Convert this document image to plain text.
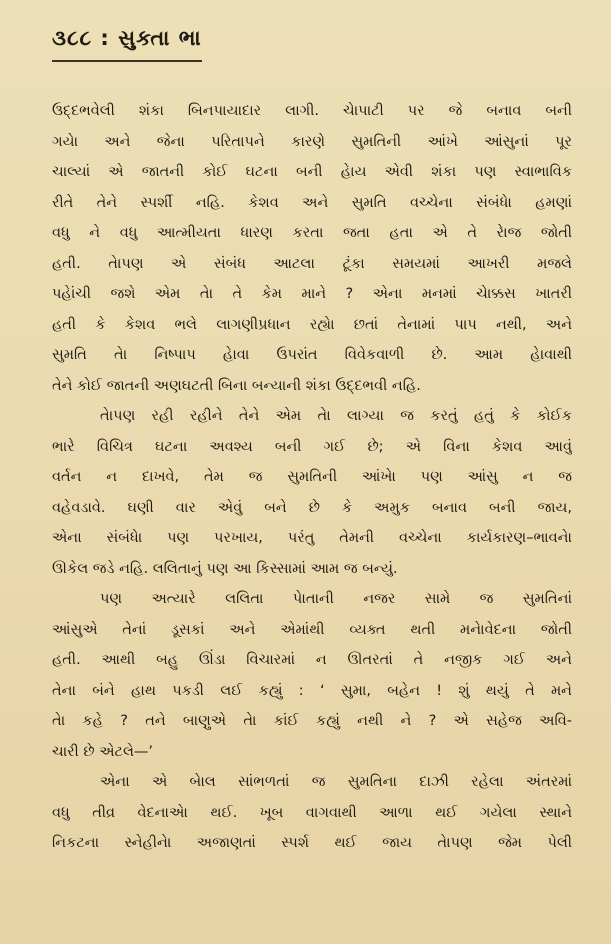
૩૮૮ : સુક્તા ભા
ઉદ્દભવેલી શંકા બિનપાયાદાર લાગી. ચેાપાટી પર જે બનાવ બની
ગયેા અને જેના પરિતાપને કારણે સુમતિની આંખે આંસુનાં પૂર
ચાલ્યાં એ જાતની કોઈ ઘટના બની હેાય એવી શંકા પણ સ્વાભાવિક
રીતે તેને સ્પર્શી નહિ. કેશવ અને સુમતિ વચ્ચેના સંબંધેા હમણાં
વધુ ને વધુ આત્મીયતા ધારણ કરતા જતા હતા એ તે રેાજ જોતી
હતી. તેાપણ એ સંબંધ આટલા ટૂંકા સમયમાં આખરી મજલે
પહેાંચી જશે એમ તેા તે કેમ માને ? એના મનમાં ચેાક્કસ ખાતરી
હતી કે કેશવ ભલે લાગણીપ્રધાન રહ્યેા છતાં તેનામાં પાપ નથી, અને
સુમતિ તેા નિષ્પાપ હેાવા ઉપરાંત વિવેકવાળી છે. આમ હેાવાથી
તેને કોઈ જાતની અણઘટતી બિના બન્યાની શંકા ઉદ્દભવી નહિ.
તેાપણ રહી રહીને તેને એમ તેા લાગ્યા જ કરતું હતું કે કોઈક
ભારે વિચિત્ર ઘટના અવશ્ય બની ગઈ છે; એ વિના કેશવ આવું
વર્તન ન દાખવે, તેમ જ સુમતિની આંખેા પણ આંસુ ન જ
વહેવડાવે. ઘણી વાર એવું બને છે કે અમુક બનાવ બની જાય,
એના સંબંધેા પણ પરખાય, પરંતુ તેમની વચ્ચેના કાર્યકારણ–ભાવનેા
ઊકેલ જડે નહિ. લલિતાનું પણ આ કિસ્સામાં આમ જ બન્યું.
પણ અત્યારે લલિતા પેાતાની નજર સામે જ સુમતિનાં
આંસુએ તેનાં ડૂસકાં અને એમાંથી વ્યક્ત થતી મનેાવેદના જોતી
હતી. આથી બહુ ઊંડા વિચારમાં ન ઊતરતાં તે નજીક ગઈ અને
તેના બંને હાથ પકડી લઈ કહ્યું : ‘ સુમા, બહેન ! શું થયું તે મને
તેા કહે ? તને બાણુએ તેા કાંઈ કહ્યું નથી ને ? એ સહેજ અવિ-
ચારી છે એટલે—’
એના એ બેાલ સાંભળતાં જ સુમતિના દાઝી રહેલા અંતરમાં
વધુ તીવ્ર વેદનાએા થઈ. ખૂબ વાગવાથી આળા થઈ ગયેલા સ્થાને
નિકટના સ્નેહીનેા અજાણતાં સ્પર્શ થઈ જાય તેાપણ જેમ પેલી
